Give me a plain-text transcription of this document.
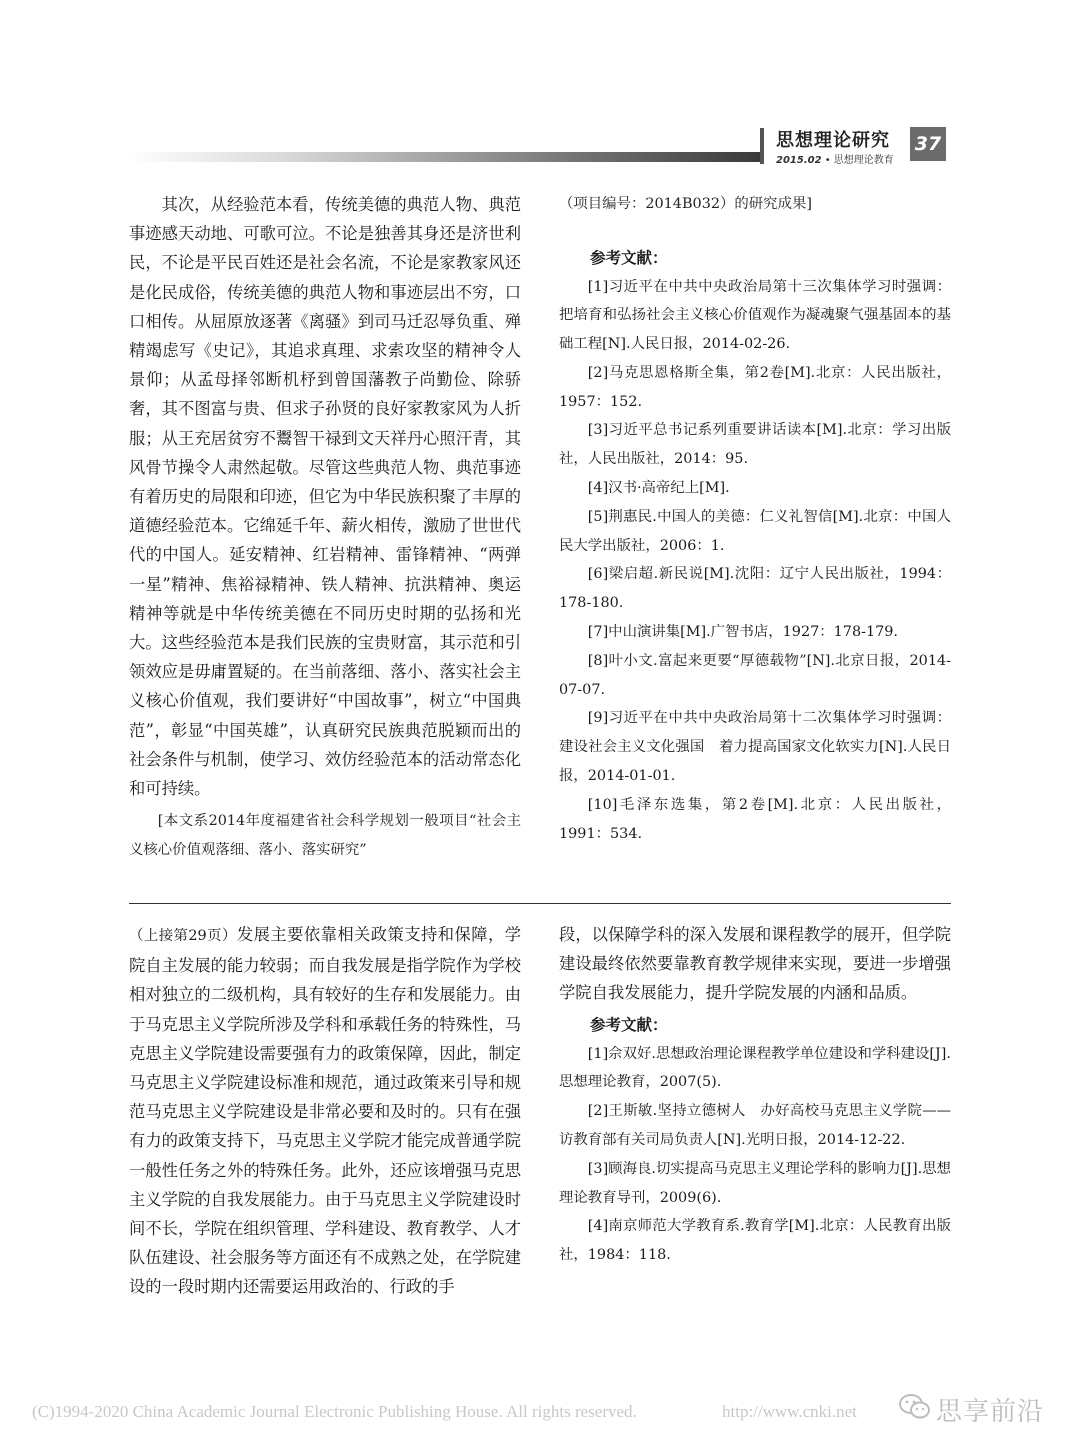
思想理论研究
2015.02 • 思想理论教育
37

其次，从经验范本看，传统美德的典范人物、典范事迹感天动地、可歌可泣。不论是独善其身还是济世利民，不论是平民百姓还是社会名流，不论是家教家风还是化民成俗，传统美德的典范人物和事迹层出不穷，口口相传。从屈原放逐著《离骚》到司马迁忍辱负重、殚精竭虑写《史记》，其追求真理、求索攻坚的精神令人景仰；从孟母择邻断机杼到曾国藩教子尚勤俭、除骄奢，其不图富与贵、但求子孙贤的良好家教家风为人折服；从王充居贫穷不鬻智干禄到文天祥丹心照汗青，其风骨节操令人肃然起敬。尽管这些典范人物、典范事迹有着历史的局限和印迹，但它为中华民族积聚了丰厚的道德经验范本。它绵延千年、薪火相传，激励了世世代代的中国人。延安精神、红岩精神、雷锋精神、“两弹一星”精神、焦裕禄精神、铁人精神、抗洪精神、奥运精神等就是中华传统美德在不同历史时期的弘扬和光大。这些经验范本是我们民族的宝贵财富，其示范和引领效应是毋庸置疑的。在当前落细、落小、落实社会主义核心价值观，我们要讲好“中国故事”，树立“中国典范”，彰显“中国英雄”，认真研究民族典范脱颖而出的社会条件与机制，使学习、效仿经验范本的活动常态化和可持续。

[本文系2014年度福建省社会科学规划一般项目“社会主义核心价值观落细、落小、落实研究”

（项目编号：2014B032）的研究成果]

参考文献：

[1]习近平在中共中央政治局第十三次集体学习时强调：把培育和弘扬社会主义核心价值观作为凝魂聚气强基固本的基础工程[N].人民日报，2014-02-26.

[2]马克思恩格斯全集，第2卷[M].北京：人民出版社，1957：152.

[3]习近平总书记系列重要讲话读本[M].北京：学习出版社，人民出版社，2014：95.

[4]汉书·高帝纪上[M].

[5]荆惠民.中国人的美德：仁义礼智信[M].北京：中国人民大学出版社，2006：1.

[6]梁启超.新民说[M].沈阳：辽宁人民出版社，1994：178-180.

[7]中山演讲集[M].广智书店，1927：178-179.

[8]叶小文.富起来更要“厚德载物”[N].北京日报，2014-07-07.

[9]习近平在中共中央政治局第十二次集体学习时强调：建设社会主义文化强国　着力提高国家文化软实力[N].人民日报，2014-01-01.

[10]毛泽东选集，第2卷[M].北京：人民出版社，1991：534.

（上接第29页）发展主要依靠相关政策支持和保障，学院自主发展的能力较弱；而自我发展是指学院作为学校相对独立的二级机构，具有较好的生存和发展能力。由于马克思主义学院所涉及学科和承载任务的特殊性，马克思主义学院建设需要强有力的政策保障，因此，制定马克思主义学院建设标准和规范，通过政策来引导和规范马克思主义学院建设是非常必要和及时的。只有在强有力的政策支持下，马克思主义学院才能完成普通学院一般性任务之外的特殊任务。此外，还应该增强马克思主义学院的自我发展能力。由于马克思主义学院建设时间不长，学院在组织管理、学科建设、教育教学、人才队伍建设、社会服务等方面还有不成熟之处，在学院建设的一段时期内还需要运用政治的、行政的手

段，以保障学科的深入发展和课程教学的展开，但学院建设最终依然要靠教育教学规律来实现，要进一步增强学院自我发展能力，提升学院发展的内涵和品质。

参考文献：

[1]佘双好.思想政治理论课程教学单位建设和学科建设[J].思想理论教育，2007(5).

[2]王斯敏.坚持立德树人　办好高校马克思主义学院——访教育部有关司局负责人[N].光明日报，2014-12-22.

[3]顾海良.切实提高马克思主义理论学科的影响力[J].思想理论教育导刊，2009(6).

[4]南京师范大学教育系.教育学[M].北京：人民教育出版社，1984：118.

(C)1994-2020 China Academic Journal Electronic Publishing House. All rights reserved.	http://www.cnki.net	思享前沿
